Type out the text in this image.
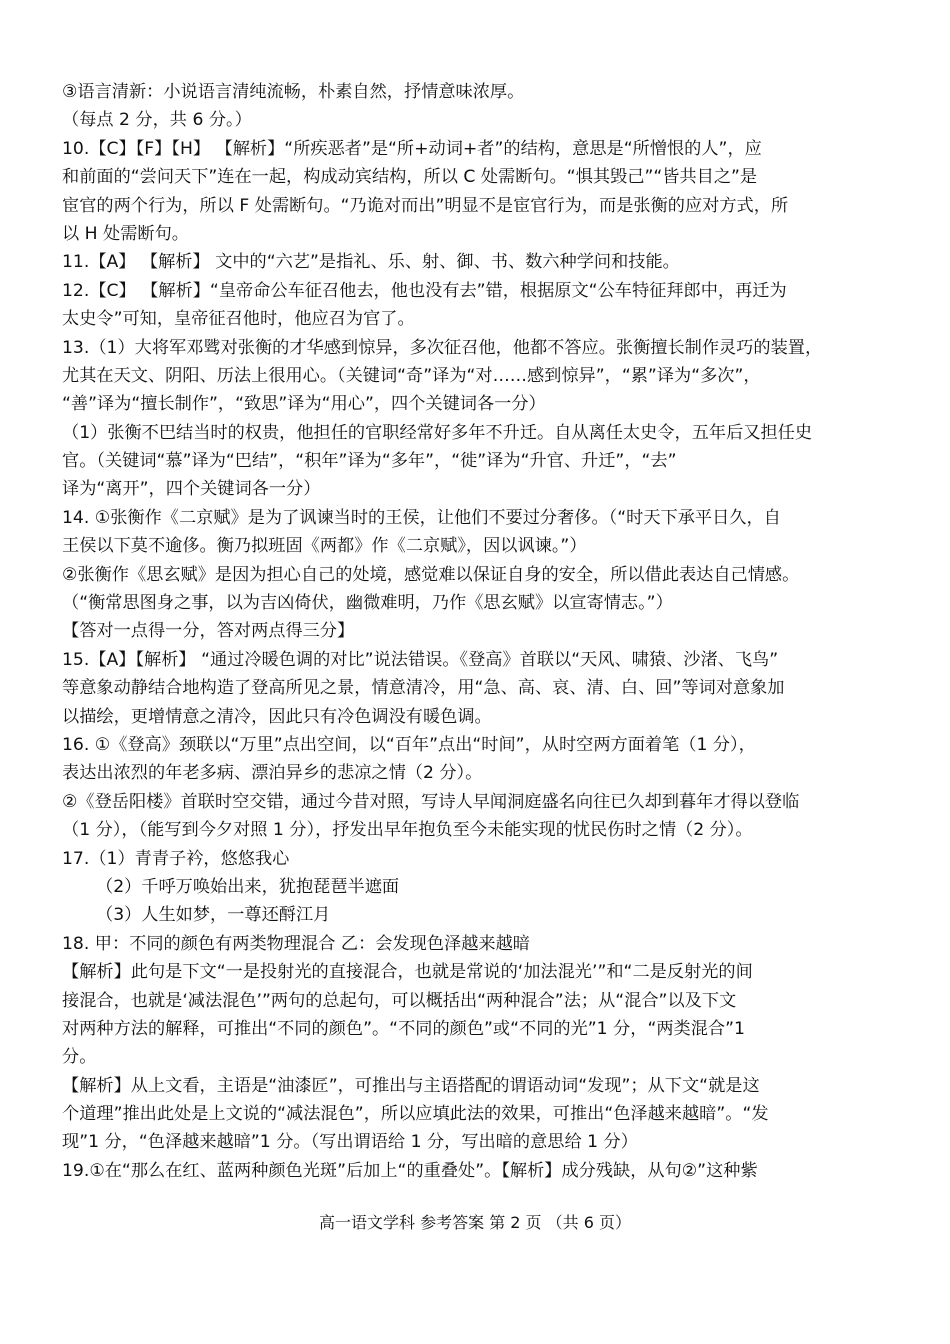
③语言清新：小说语言清纯流畅，朴素自然，抒情意味浓厚。
（每点 2 分，共 6 分。）
10.【C】【F】【H】 【解析】“所疾恶者”是“所+动词+者”的结构，意思是“所憎恨的人”，应
和前面的“尝问天下”连在一起，构成动宾结构，所以 C 处需断句。“惧其毁己”“皆共目之”是
宦官的两个行为，所以 F 处需断句。“乃诡对而出”明显不是宦官行为，而是张衡的应对方式，所
以 H 处需断句。
11.【A】 【解析】 文中的“六艺”是指礼、乐、射、御、书、数六种学问和技能。
12.【C】 【解析】“皇帝命公车征召他去，他也没有去”错，根据原文“公车特征拜郎中，再迁为
太史令”可知，皇帝征召他时，他应召为官了。
13.（1）大将军邓骘对张衡的才华感到惊异，多次征召他，他都不答应。张衡擅长制作灵巧的装置，
尤其在天文、阴阳、历法上很用心。（关键词“奇”译为“对……感到惊异”，“累”译为“多次”，
“善”译为“擅长制作”，“致思”译为“用心”，四个关键词各一分）
（1）张衡不巴结当时的权贵，他担任的官职经常好多年不升迁。自从离任太史令，五年后又担任史
官。（关键词“慕”译为“巴结”，“积年”译为“多年”，“徙”译为“升官、升迁”，“去”
译为“离开”，四个关键词各一分）
14. ①张衡作《二京赋》是为了讽谏当时的王侯，让他们不要过分奢侈。（“时天下承平日久，自
王侯以下莫不逾侈。衡乃拟班固《两都》作《二京赋》，因以讽谏。”）
②张衡作《思玄赋》是因为担心自己的处境，感觉难以保证自身的安全，所以借此表达自己情感。
（“衡常思图身之事，以为吉凶倚伏，幽微难明，乃作《思玄赋》以宣寄情志。”）
【答对一点得一分，答对两点得三分】
15.【A】【解析】 “通过冷暖色调的对比”说法错误。《登高》首联以“天风、啸猿、沙渚、飞鸟”
等意象动静结合地构造了登高所见之景，情意清冷，用“急、高、哀、清、白、回”等词对意象加
以描绘，更增情意之清冷，因此只有冷色调没有暖色调。
16. ①《登高》颈联以“万里”点出空间，以“百年”点出“时间”，从时空两方面着笔（1 分），
表达出浓烈的年老多病、漂泊异乡的悲凉之情（2 分）。
②《登岳阳楼》首联时空交错，通过今昔对照，写诗人早闻洞庭盛名向往已久却到暮年才得以登临
（1 分），（能写到今夕对照 1 分），抒发出早年抱负至今未能实现的忧民伤时之情（2 分）。
17.（1）青青子衿，悠悠我心
（2）千呼万唤始出来，犹抱琵琶半遮面
（3）人生如梦，一尊还酹江月
18. 甲：不同的颜色有两类物理混合 乙：会发现色泽越来越暗
【解析】此句是下文“一是投射光的直接混合，也就是常说的‘加法混光’”和“二是反射光的间
接混合，也就是‘减法混色’”两句的总起句，可以概括出“两种混合”法；从“混合”以及下文
对两种方法的解释，可推出“不同的颜色”。“不同的颜色”或“不同的光”1 分，“两类混合”1
分。
【解析】从上文看，主语是“油漆匠”，可推出与主语搭配的谓语动词“发现”；从下文“就是这
个道理”推出此处是上文说的“减法混色”，所以应填此法的效果，可推出“色泽越来越暗”。“发
现”1 分，“色泽越来越暗”1 分。（写出谓语给 1 分，写出暗的意思给 1 分）
19.①在“那么在红、蓝两种颜色光斑”后加上“的重叠处”。【解析】成分残缺，从句②”这种紫
高一语文学科 参考答案 第 2 页 （共 6 页）
